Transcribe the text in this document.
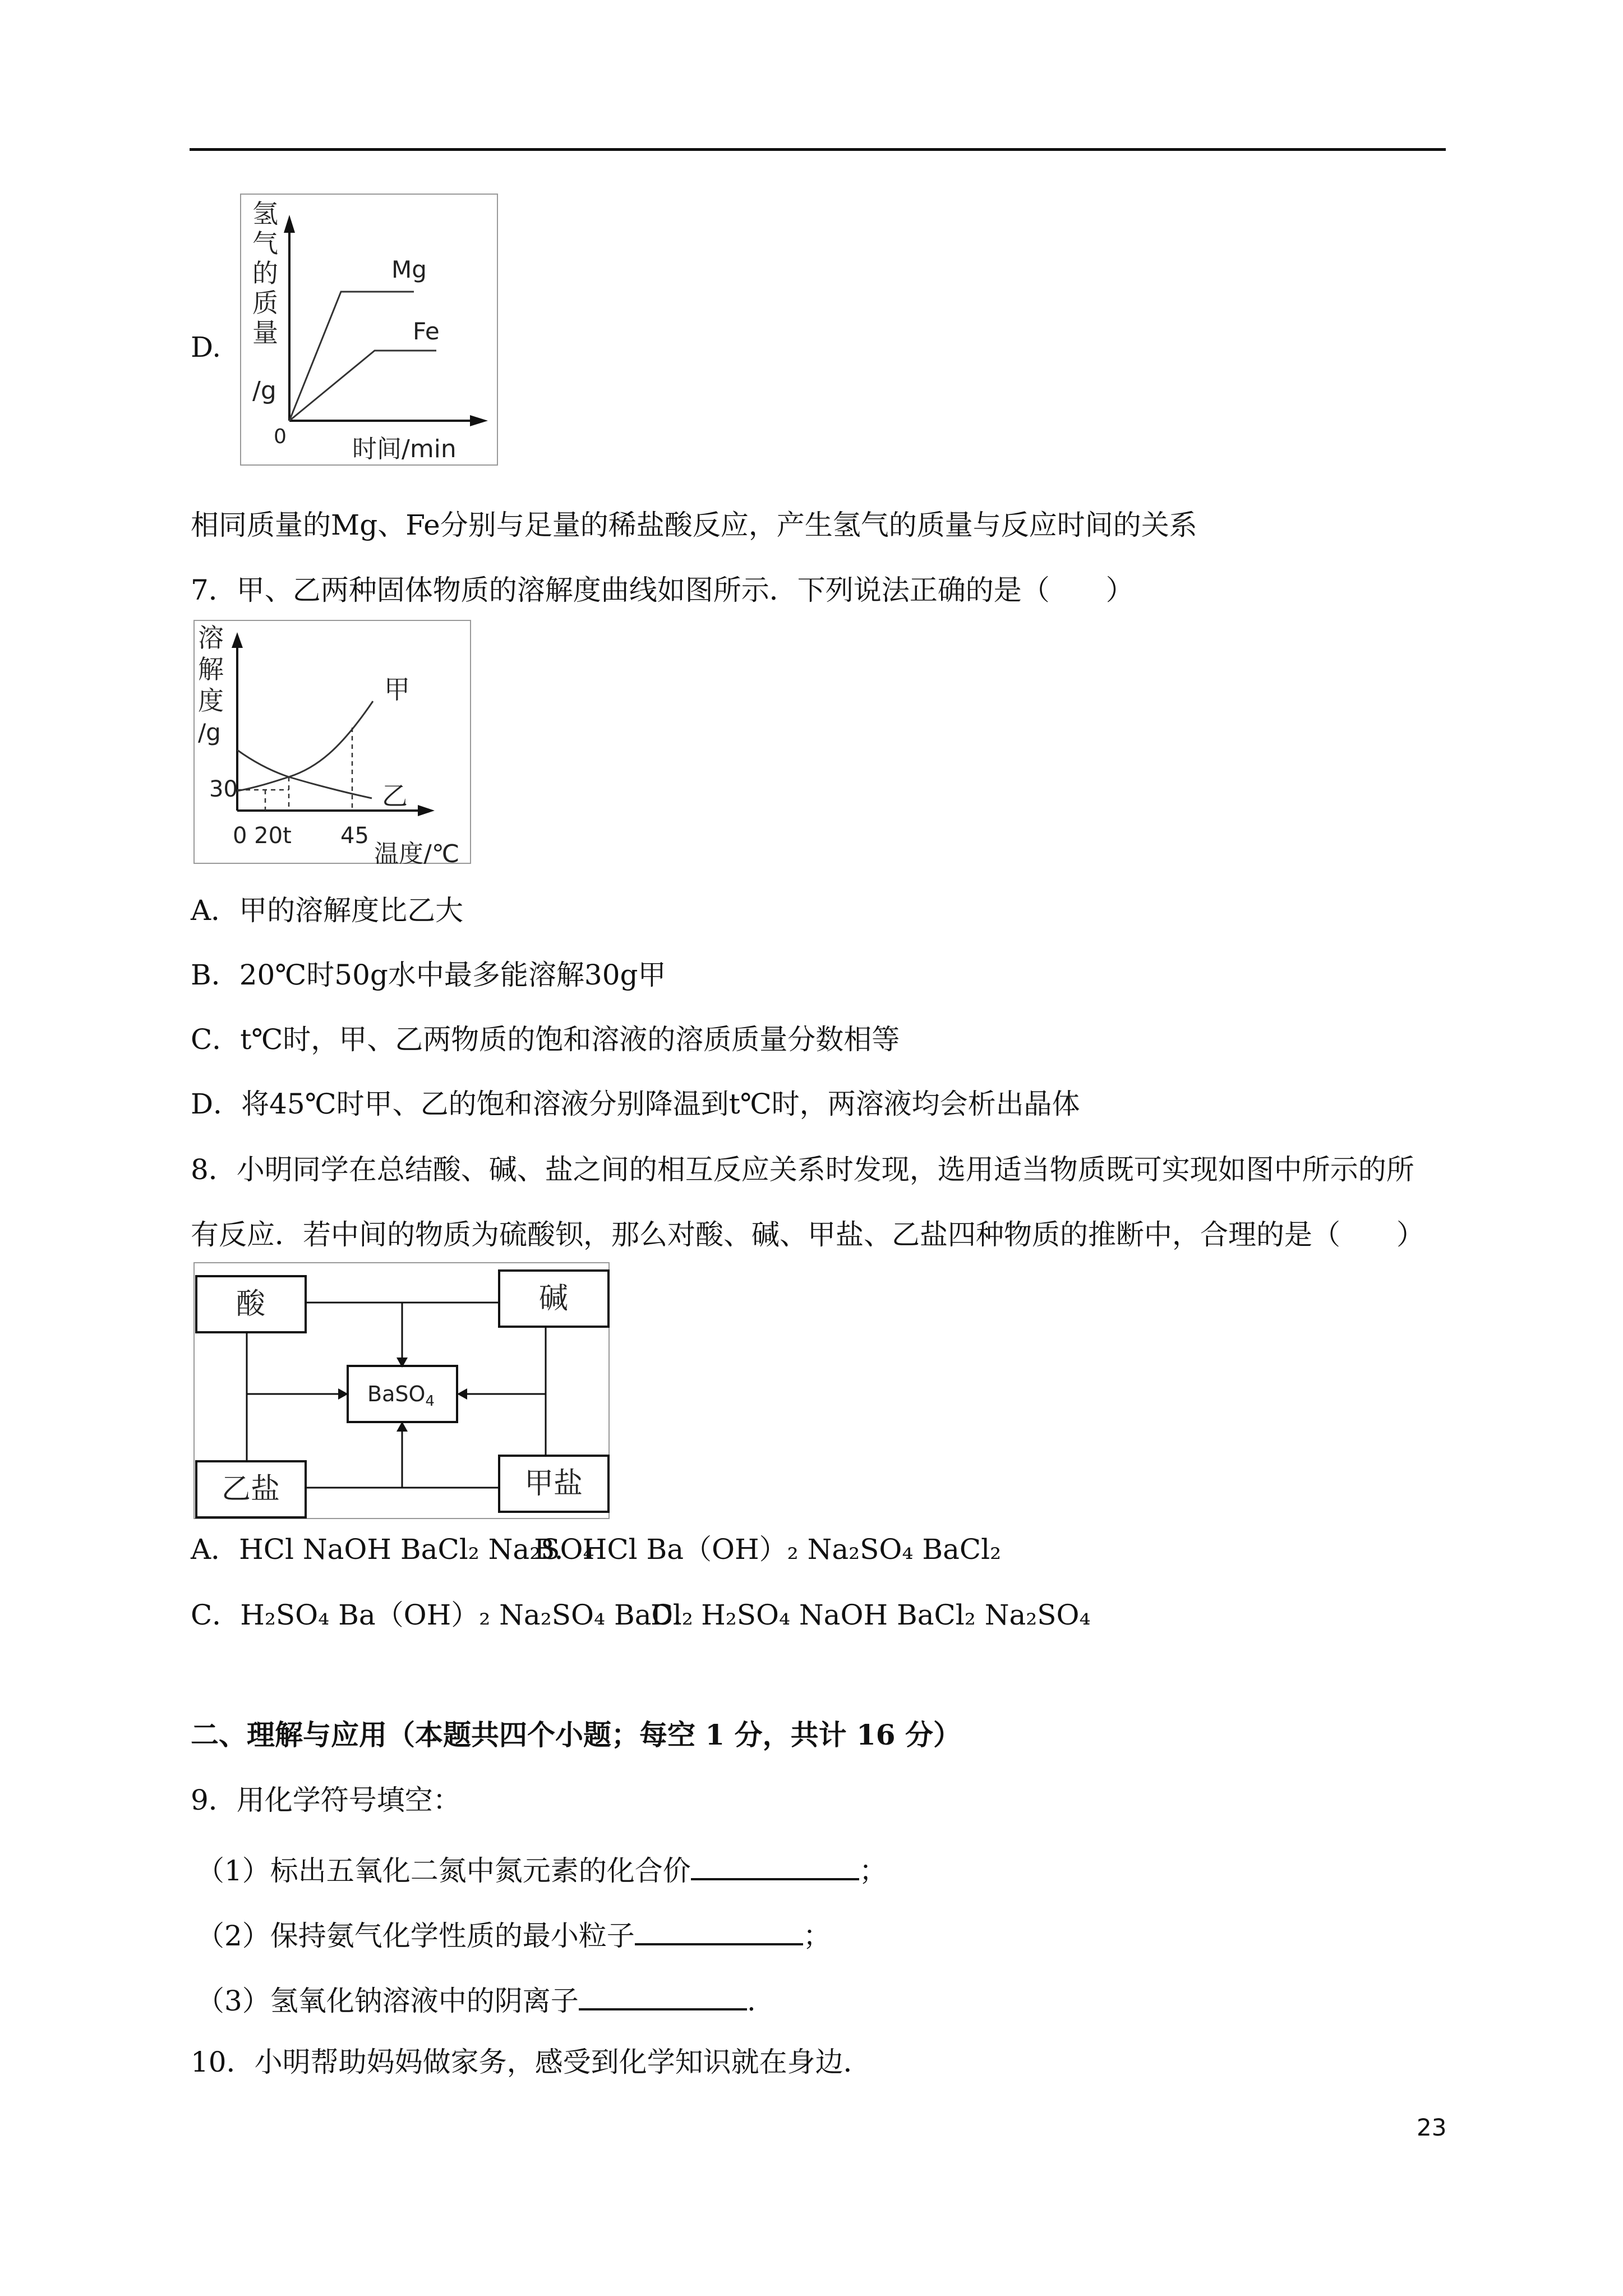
D.
氢
气
的
质
量
/g
0	时间/min
Mg
Fe
相同质量的Mg、Fe分别与足量的稀盐酸反应，产生氢气的质量与反应时间的关系
7．甲、乙两种固体物质的溶解度曲线如图所示．下列说法正确的是（　　）
溶
解
度
/g
30
0 20t 45
温度/℃
甲
乙
A．甲的溶解度比乙大
B．20℃时50g水中最多能溶解30g甲
C．t℃时，甲、乙两物质的饱和溶液的溶质质量分数相等
D．将45℃时甲、乙的饱和溶液分别降温到t℃时，两溶液均会析出晶体
8．小明同学在总结酸、碱、盐之间的相互反应关系时发现，选用适当物质既可实现如图中所示的所
有反应．若中间的物质为硫酸钡，那么对酸、碱、甲盐、乙盐四种物质的推断中，合理的是（　　）
酸	碱
BaSO$_4$
乙盐	甲盐
A．HCl NaOH BaCl₂ Na₂SO₄
B．HCl Ba（OH）₂ Na₂SO₄ BaCl₂
C．H₂SO₄ Ba（OH）₂ Na₂SO₄ BaCl₂
D．H₂SO₄ NaOH BaCl₂ Na₂SO₄
二、理解与应用（本题共四个小题；每空 1 分，共计 16 分）
9．用化学符号填空：
（1）标出五氧化二氮中氮元素的化合价	；
（2）保持氨气化学性质的最小粒子	；
（3）氢氧化钠溶液中的阴离子	.
10．小明帮助妈妈做家务，感受到化学知识就在身边．
23
